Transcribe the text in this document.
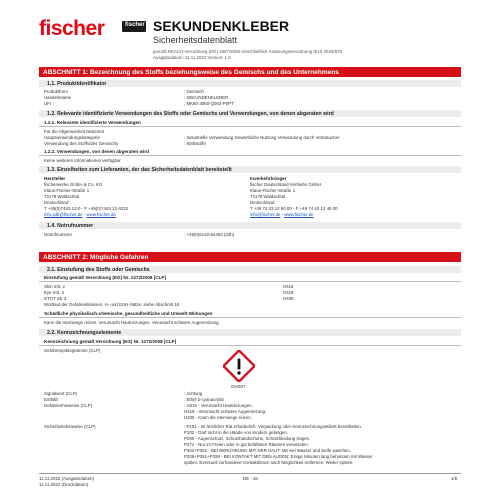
fischer	fischer SEKUNDENKLEBER
Sicherheitsdatenblatt
gemäß REACH-Verordnung (EG) 1907/2006 einschließlich Änderungsverordnung (EU) 2020/878
Ausgabedatum: 11.11.2022 Version: 1.0
ABSCHNITT 1: Bezeichnung des Stoffs beziehungsweise des Gemischs und des Unternehmens
1.1. Produktidentifikator
Produktform	: Gemisch
Handelsname	: SEKUNDENKLEBER
UFI	: MK80-3050-Q003-P0PT
1.2. Relevante identifizierte Verwendungen des Stoffs oder Gemischs und Verwendungen, von denen abgeraten wird
1.2.1. Relevante identifizierte Verwendungen
Für die Allgemeinheit bestimmt
Hauptverwendungskategorie	: Industrielle Verwendung Gewerbliche Nutzung Verwendung durch Verbraucher
Verwendung des Stoffs/des Gemischs	: Klebstoffe
1.2.2. Verwendungen, von denen abgeraten wird
Keine weiteren Informationen verfügbar
1.3. Einzelheiten zum Lieferanten, der das Sicherheitsdatenblatt bereitstellt
Hersteller
fischerwerke GmbH & Co. KG
Klaus-Fischer-Straße 1
72178 Waldachtal
Deutschland
T +49(0)7443 12-0 - F +49(0)7443 12-4222
info.sdb@fischer.de - www.fischer.de
Inverkehrbringer
fischer Deutschland Vertriebs GmbH
Klaus-Fischer-Straße 1
72178 Waldachtal
Deutschland
T +49 74 43 12 60 00 - F +49 74 43 12 45 00
info@fischer.de - www.fischer.de
1.4. Notrufnummer
Notrufnummer	: +49(0)6132-84463 (24h)
ABSCHNITT 2: Mögliche Gefahren
2.1. Einstufung des Stoffs oder Gemischs
Einstufung gemäß Verordnung (EG) Nr. 1272/2008 [CLP]
Skin Irrit. 2	H315
Eye Irrit. 2	H319
STOT SE 3	H335
Wortlaut der Gefahrenklassen, H- und EUH-Sätze: siehe Abschnitt 16
Schädliche physikalisch-chemische, gesundheitliche und Umwelt-Wirkungen
Kann die Atemwege reizen. Verursacht Hautreizungen. Verursacht schwere Augenreizung.
2.2. Kennzeichnungselemente
Kennzeichnung gemäß Verordnung (EG) Nr. 1272/2008 [CLP]
Gefahrenpiktogramme (CLP)
GHS07
Signalwort (CLP)	: Achtung
Enthält	: Ethyl-2-cyanacrylat
Gefahrenhinweise (CLP)	: H315 - Verursacht Hautreizungen.
H319 - Verursacht schwere Augenreizung.
H335 - Kann die Atemwege reizen.
Sicherheitshinweise (CLP)	: P101 - Ist ärztlicher Rat erforderlich, Verpackung oder Kennzeichnungsetikett bereithalten.
P102 - Darf nicht in die Hände von Kindern gelangen.
P280 - Augenschutz, Schutzhandschuhe, Schutzkleidung tragen.
P271 - Nur im Freien oder in gut belüfteten Räumen verwenden.
P302+P352 - BEI BERÜHRUNG MIT DER HAUT: Mit viel Wasser und Seife waschen.
P305+P351+P338 - BEI KONTAKT MIT DEN AUGEN: Einige Minuten lang behutsam mit Wasser
spülen. Eventuell vorhandene Kontaktlinsen nach Möglichkeit entfernen. Weiter spülen.
11.11.2022 (Ausgabedatum)
11.11.2022 (Druckdatum)
DE - de	1/9
